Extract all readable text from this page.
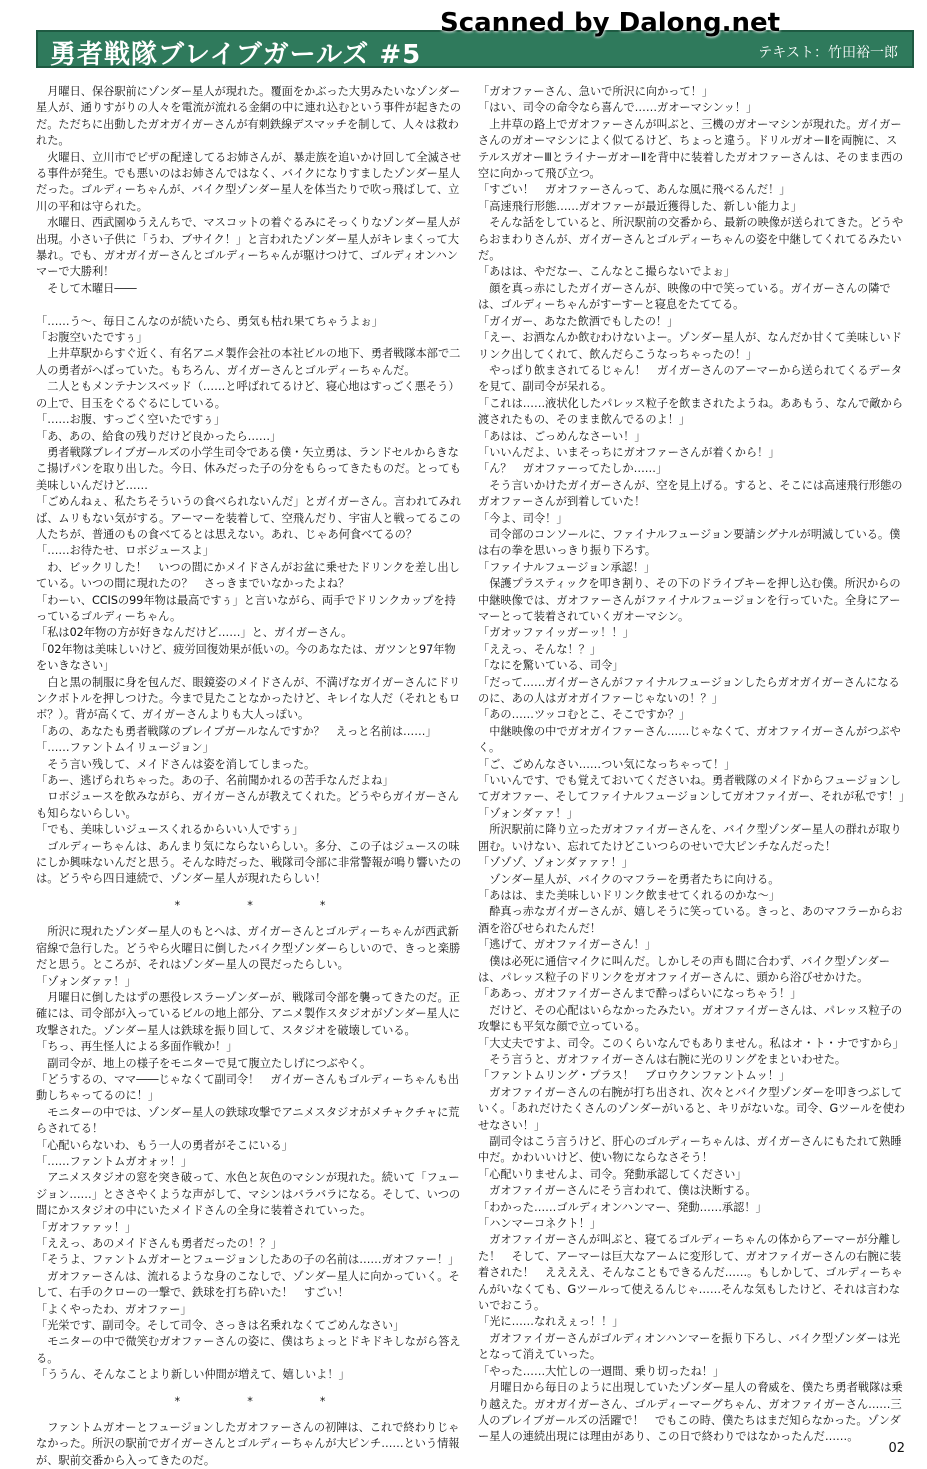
勇者戦隊ブレイブガールズ #5	テキスト：竹田裕一郎
Scanned by Dalong.net

　月曜日、保谷駅前にゾンダー星人が現れた。覆面をかぶった大男みたいなゾンダー星人が、通りすがりの人々を電流が流れる金網の中に連れ込むという事件が起きたのだ。ただちに出動したガオガイガーさんが有刺鉄線デスマッチを制して、人々は救われた。

　火曜日、立川市でピザの配達してるお姉さんが、暴走族を追いかけ回して全滅させる事件が発生。でも悪いのはお姉さんではなく、バイクになりすましたゾンダー星人だった。ゴルディーちゃんが、バイク型ゾンダー星人を体当たりで吹っ飛ばして、立川の平和は守られた。

　水曜日、西武園ゆうえんちで、マスコットの着ぐるみにそっくりなゾンダー星人が出現。小さい子供に「うわ、ブサイク！」と言われたゾンダー星人がキレまくって大暴れ。でも、ガオガイガーさんとゴルディーちゃんが駆けつけて、ゴルディオンハンマーで大勝利！

　そして木曜日――

「……う～、毎日こんなのが続いたら、勇気も枯れ果てちゃうよぉ」

「お腹空いたですぅ」

　上井草駅からすぐ近く、有名アニメ製作会社の本社ビルの地下、勇者戦隊本部で二人の勇者がへばっていた。もちろん、ガイガーさんとゴルディーちゃんだ。

　二人ともメンテナンスベッド（……と呼ばれてるけど、寝心地はすっごく悪そう）の上で、目玉をぐるぐるにしている。

「……お腹、すっごく空いたですぅ」

「あ、あの、給食の残りだけど良かったら……」

　勇者戦隊ブレイブガールズの小学生司令である僕・矢立勇は、ランドセルからきなこ揚げパンを取り出した。今日、休みだった子の分をもらってきたものだ。とっても美味しいんだけど……

「ごめんねぇ、私たちそういうの食べられないんだ」とガイガーさん。言われてみれば、ムリもない気がする。アーマーを装着して、空飛んだり、宇宙人と戦ってるこの人たちが、普通のもの食べてるとは思えない。あれ、じゃあ何食べてるの？

「……お待たせ、ロボジュースよ」

　わ、ビックリした！　いつの間にかメイドさんがお盆に乗せたドリンクを差し出している。いつの間に現れたの？　さっきまでいなかったよね？

「わーい、CCISの99年物は最高ですぅ」と言いながら、両手でドリンクカップを持っているゴルディーちゃん。

「私は02年物の方が好きなんだけど……」と、ガイガーさん。

「02年物は美味しいけど、疲労回復効果が低いの。今のあなたは、ガツンと97年物をいきなさい」

　白と黒の制服に身を包んだ、眼鏡姿のメイドさんが、不満げなガイガーさんにドリンクボトルを押しつけた。今まで見たことなかったけど、キレイな人だ（それともロボ？）。背が高くて、ガイガーさんよりも大人っぽい。

「あの、あなたも勇者戦隊のブレイブガールなんですか？　えっと名前は……」

「……ファントムイリュージョン」

　そう言い残して、メイドさんは姿を消してしまった。

「あー、逃げられちゃった。あの子、名前聞かれるの苦手なんだよね」

　ロボジュースを飲みながら、ガイガーさんが教えてくれた。どうやらガイガーさんも知らないらしい。

「でも、美味しいジュースくれるからいい人ですぅ」

　ゴルディーちゃんは、あんまり気にならないらしい。多分、この子はジュースの味にしか興味ないんだと思う。そんな時だった、戦隊司令部に非常警報が鳴り響いたのは。どうやら四日連続で、ゾンダー星人が現れたらしい！

*　　　　　　*　　　　　　*

　所沢に現れたゾンダー星人のもとへは、ガイガーさんとゴルディーちゃんが西武新宿線で急行した。どうやら火曜日に倒したバイク型ゾンダーらしいので、きっと楽勝だと思う。ところが、それはゾンダー星人の罠だったらしい。

「ゾォンダァァ！」

　月曜日に倒したはずの悪役レスラーゾンダーが、戦隊司令部を襲ってきたのだ。正確には、司令部が入っているビルの地上部分、アニメ製作スタジオがゾンダー星人に攻撃された。ゾンダー星人は鉄球を振り回して、スタジオを破壊している。

「ちっ、再生怪人による多面作戦か！」

　副司令が、地上の様子をモニターで見て腹立たしげにつぶやく。

「どうするの、ママ――じゃなくて副司令！　ガイガーさんもゴルディーちゃんも出動しちゃってるのに！」

　モニターの中では、ゾンダー星人の鉄球攻撃でアニメスタジオがメチャクチャに荒らされてる！

「心配いらないわ、もう一人の勇者がそこにいる」

「……ファントムガオォッ！」

　アニメスタジオの窓を突き破って、水色と灰色のマシンが現れた。続いて「フュージョン……」とささやくような声がして、マシンはバラバラになる。そして、いつの間にかスタジオの中にいたメイドさんの全身に装着されていった。

「ガオファァッ！」

「ええっ、あのメイドさんも勇者だったの！？」

「そうよ、ファントムガオーとフュージョンしたあの子の名前は……ガオファー！」

　ガオファーさんは、流れるような身のこなしで、ゾンダー星人に向かっていく。そして、右手のクローの一撃で、鉄球を打ち砕いた！　すごい！

「よくやったわ、ガオファー」

「光栄です、副司令。そして司令、さっきは名乗れなくてごめんなさい」

　モニターの中で微笑むガオファーさんの姿に、僕はちょっとドキドキしながら答える。

「ううん、そんなことより新しい仲間が増えて、嬉しいよ！」

*　　　　　　*　　　　　　*

　ファントムガオーとフュージョンしたガオファーさんの初陣は、これで終わりじゃなかった。所沢の駅前でガイガーさんとゴルディーちゃんが大ピンチ……という情報が、駅前交番から入ってきたのだ。

「ガオファーさん、急いで所沢に向かって！」

「はい、司令の命令なら喜んで……ガオーマシンッ！」

　上井草の路上でガオファーさんが叫ぶと、三機のガオーマシンが現れた。ガイガーさんのガオーマシンによく似てるけど、ちょっと違う。ドリルガオーⅡを両腕に、ステルスガオーⅢとライナーガオーⅡを背中に装着したガオファーさんは、そのまま西の空に向かって飛び立つ。

「すごい！　ガオファーさんって、あんな風に飛べるんだ！」

「高速飛行形態……ガオファーが最近獲得した、新しい能力よ」

　そんな話をしていると、所沢駅前の交番から、最新の映像が送られてきた。どうやらおまわりさんが、ガイガーさんとゴルディーちゃんの姿を中継してくれてるみたいだ。

「あはは、やだなー、こんなとこ撮らないでよぉ」

　顔を真っ赤にしたガイガーさんが、映像の中で笑っている。ガイガーさんの隣では、ゴルディーちゃんがすーすーと寝息をたててる。

「ガイガー、あなた飲酒でもしたの！」

「えー、お酒なんか飲むわけないよー。ゾンダー星人が、なんだか甘くて美味しいドリンク出してくれて、飲んだらこうなっちゃったの！」

　やっぱり飲まされてるじゃん！　ガイガーさんのアーマーから送られてくるデータを見て、副司令が呆れる。

「これは……液状化したパレッス粒子を飲まされたようね。ああもう、なんで敵から渡されたもの、そのまま飲んでるのよ！」

「あはは、ごっめんなさーい！」

「いいんだよ、いまそっちにガオファーさんが着くから！」

「ん？　ガオファーってたしか……」

　そう言いかけたガイガーさんが、空を見上げる。すると、そこには高速飛行形態のガオファーさんが到着していた！

「今よ、司令！」

　司令部のコンソールに、ファイナルフュージョン要請シグナルが明滅している。僕は右の拳を思いっきり振り下ろす。

「ファイナルフュージョン承認！」

　保護プラスティックを叩き割り、その下のドライブキーを押し込む僕。所沢からの中継映像では、ガオファーさんがファイナルフュージョンを行っていた。全身にアーマーとって装着されていくガオーマシン。

「ガオッファイッガーッ！！」

「ええっ、そんな！？」

「なにを驚いている、司令」

「だって……ガイガーさんがファイナルフュージョンしたらガオガイガーさんになるのに、あの人はガオガイファーじゃないの！？」

「あの……ツッコむとこ、そこですか？」

　中継映像の中でガオガイファーさん……じゃなくて、ガオファイガーさんがつぶやく。

「ご、ごめんなさい……つい気になっちゃって！」

「いいんです、でも覚えておいてくださいね。勇者戦隊のメイドからフュージョンしてガオファー、そしてファイナルフュージョンしてガオファイガー、それが私です！」

「ゾォンダァァ！」

　所沢駅前に降り立ったガオファイガーさんを、バイク型ゾンダー星人の群れが取り囲む。いけない、忘れてたけどこいつらのせいで大ピンチなんだった！

「ゾゾゾ、ゾォンダァァァ！」

　ゾンダー星人が、バイクのマフラーを勇者たちに向ける。

「あはは、また美味しいドリンク飲ませてくれるのかな～」

　酔真っ赤なガイガーさんが、嬉しそうに笑っている。きっと、あのマフラーからお酒を浴びせられたんだ！

「逃げて、ガオファイガーさん！」

　僕は必死に通信マイクに叫んだ。しかしその声も間に合わず、バイク型ゾンダーは、パレッス粒子のドリンクをガオファイガーさんに、頭から浴びせかけた。

「ああっ、ガオファイガーさんまで酔っぱらいになっちゃう！」

　だけど、その心配はいらなかったみたい。ガオファイガーさんは、パレッス粒子の攻撃にも平気な顔で立っている。

「大丈夫ですよ、司令。このくらいなんでもありません。私はオ・ト・ナですから」

　そう言うと、ガオファイガーさんは右腕に光のリングをまといわせた。

「ファントムリング・プラス！　ブロウクンファントムッ！」

　ガオファイガーさんの右腕が打ち出され、次々とバイク型ゾンダーを叩きつぶしていく。「あれだけたくさんのゾンダーがいると、キリがないな。司令、Gツールを使わせなさい！」

　副司令はこう言うけど、肝心のゴルディーちゃんは、ガイガーさんにもたれて熟睡中だ。かわいいけど、使い物にならなさそう！

「心配いりませんよ、司令。発動承認してください」

　ガオファイガーさんにそう言われて、僕は決断する。

「わかった……ゴルディオンハンマー、発動……承認！」

「ハンマーコネクト！」

　ガオファイガーさんが叫ぶと、寝てるゴルディーちゃんの体からアーマーが分離した！　そして、アーマーは巨大なアームに変形して、ガオファイガーさんの右腕に装着された！　ええええ、そんなこともできるんだ……。もしかして、ゴルディーちゃんがいなくても、Gツールって使えるんじゃ……そんな気もしたけど、それは言わないでおこう。

「光に……なれえぇっ！！」

　ガオファイガーさんがゴルディオンハンマーを振り下ろし、バイク型ゾンダーは光となって消えていった。

「やった……大忙しの一週間、乗り切ったね！」

　月曜日から毎日のように出現していたゾンダー星人の脅威を、僕たち勇者戦隊は乗り越えた。ガオガイガーさん、ゴルディーマーグちゃん、ガオファイガーさん……三人のブレイブガールズの活躍で！　でもこの時、僕たちはまだ知らなかった。ゾンダー星人の連続出現には理由があり、この日で終わりではなかったんだ……。

02
